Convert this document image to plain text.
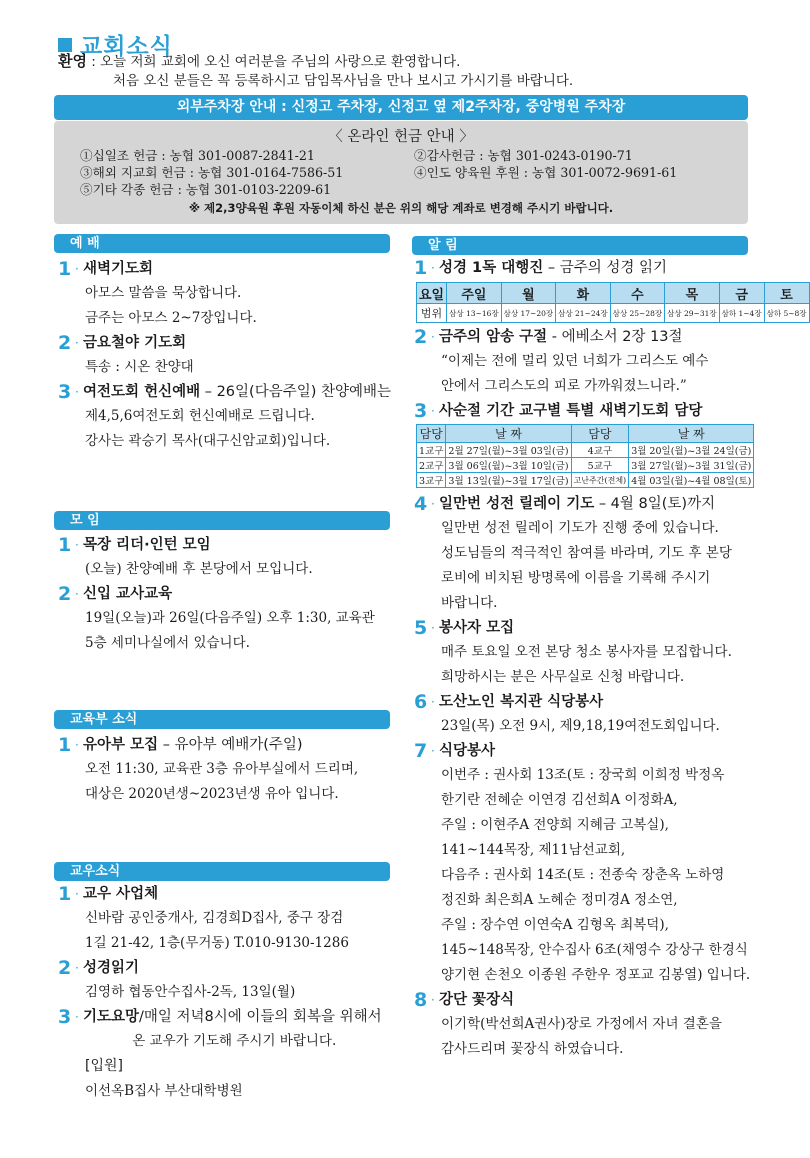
교회소식
환영 : 오늘 저희 교회에 오신 여러분을 주님의 사랑으로 환영합니다.
처음 오신 분들은 꼭 등록하시고 담임목사님을 만나 보시고 가시기를 바랍니다.
외부주차장 안내 : 신정고 주차장, 신정고 옆 제2주차장, 중앙병원 주차장
〈 온라인 헌금 안내 〉
①십일조 헌금 : 농협 301-0087-2841-21	②감사헌금 : 농협 301-0243-0190-71
③해외 지교회 헌금 : 농협 301-0164-7586-51	④인도 양육원 후원 : 농협 301-0072-9691-61
⑤기타 각종 헌금 : 농협 301-0103-2209-61
※ 제2,3양육원 후원 자동이체 하신 분은 위의 해당 계좌로 변경해 주시기 바랍니다.
예 배
1 · 새벽기도회
아모스 말씀을 묵상합니다.
금주는 아모스 2~7장입니다.
2 · 금요철야 기도회
특송 : 시온 찬양대
3 · 여전도회 헌신예배 – 26일(다음주일) 찬양예배는
제4,5,6여전도회 헌신예배로 드립니다.
강사는 곽승기 목사(대구신암교회)입니다.
모 임
1 · 목장 리더·인턴 모임
(오늘) 찬양예배 후 본당에서 모입니다.
2 · 신입 교사교육
19일(오늘)과 26일(다음주일) 오후 1:30, 교육관
5층 세미나실에서 있습니다.
교육부 소식
1 · 유아부 모집 – 유아부 예배가(주일)
오전 11:30, 교육관 3층 유아부실에서 드리며,
대상은 2020년생~2023년생 유아 입니다.
교우소식
1 · 교우 사업체
신바람 공인중개사, 김경희D집사, 중구 장검
1길 21-42, 1층(무거동) T.010-9130-1286
2 · 성경읽기
김영하 협동안수집사-2독, 13일(월)
3 · 기도요망/매일 저녁8시에 이들의 회복을 위해서
온 교우가 기도해 주시기 바랍니다.
[입원]
이선옥B집사 부산대학병원
알 림
1 · 성경 1독 대행진 – 금주의 성경 읽기
요일	주일	월	화	수	목	금	토
범위	삼상 13~16장	삼상 17~20장	삼상 21~24장	삼상 25~28장	삼상 29~31장	삼하 1~4장	삼하 5~8장
2 · 금주의 암송 구절 - 에베소서 2장 13절
“이제는 전에 멀리 있던 너희가 그리스도 예수
안에서 그리스도의 피로 가까워졌느니라.”
3 · 사순절 기간 교구별 특별 새벽기도회 담당
담당	날 짜	담당	날 짜
1교구	2월 27일(월)~3월 03일(금)	4교구	3월 20일(월)~3월 24일(금)
2교구	3월 06일(월)~3월 10일(금)	5교구	3월 27일(월)~3월 31일(금)
3교구	3월 13일(월)~3월 17일(금)	고난주간(전체)	4월 03일(월)~4월 08일(토)
4 · 일만번 성전 릴레이 기도 – 4월 8일(토)까지
일만번 성전 릴레이 기도가 진행 중에 있습니다.
성도님들의 적극적인 참여를 바라며, 기도 후 본당
로비에 비치된 방명록에 이름을 기록해 주시기
바랍니다.
5 · 봉사자 모집
매주 토요일 오전 본당 청소 봉사자를 모집합니다.
희망하시는 분은 사무실로 신청 바랍니다.
6 · 도산노인 복지관 식당봉사
23일(목) 오전 9시, 제9,18,19여전도회입니다.
7 · 식당봉사
이번주 : 권사회 13조(토 : 장국희 이희정 박정옥
한기란 전혜순 이연경 김선희A 이정화A,
주일 : 이현주A 전양희 지혜금 고복실),
141~144목장, 제11남선교회,
다음주 : 권사회 14조(토 : 전종숙 장춘옥 노하영
정진화 최은희A 노혜순 정미경A 정소연,
주일 : 장수연 이연숙A 김형옥 최복덕),
145~148목장, 안수집사 6조(채영수 강상구 한경식
양기현 손천오 이종원 주한우 정포교 김봉열) 입니다.
8 · 강단 꽃장식
이기학(박선희A권사)장로 가정에서 자녀 결혼을
감사드리며 꽃장식 하였습니다.
